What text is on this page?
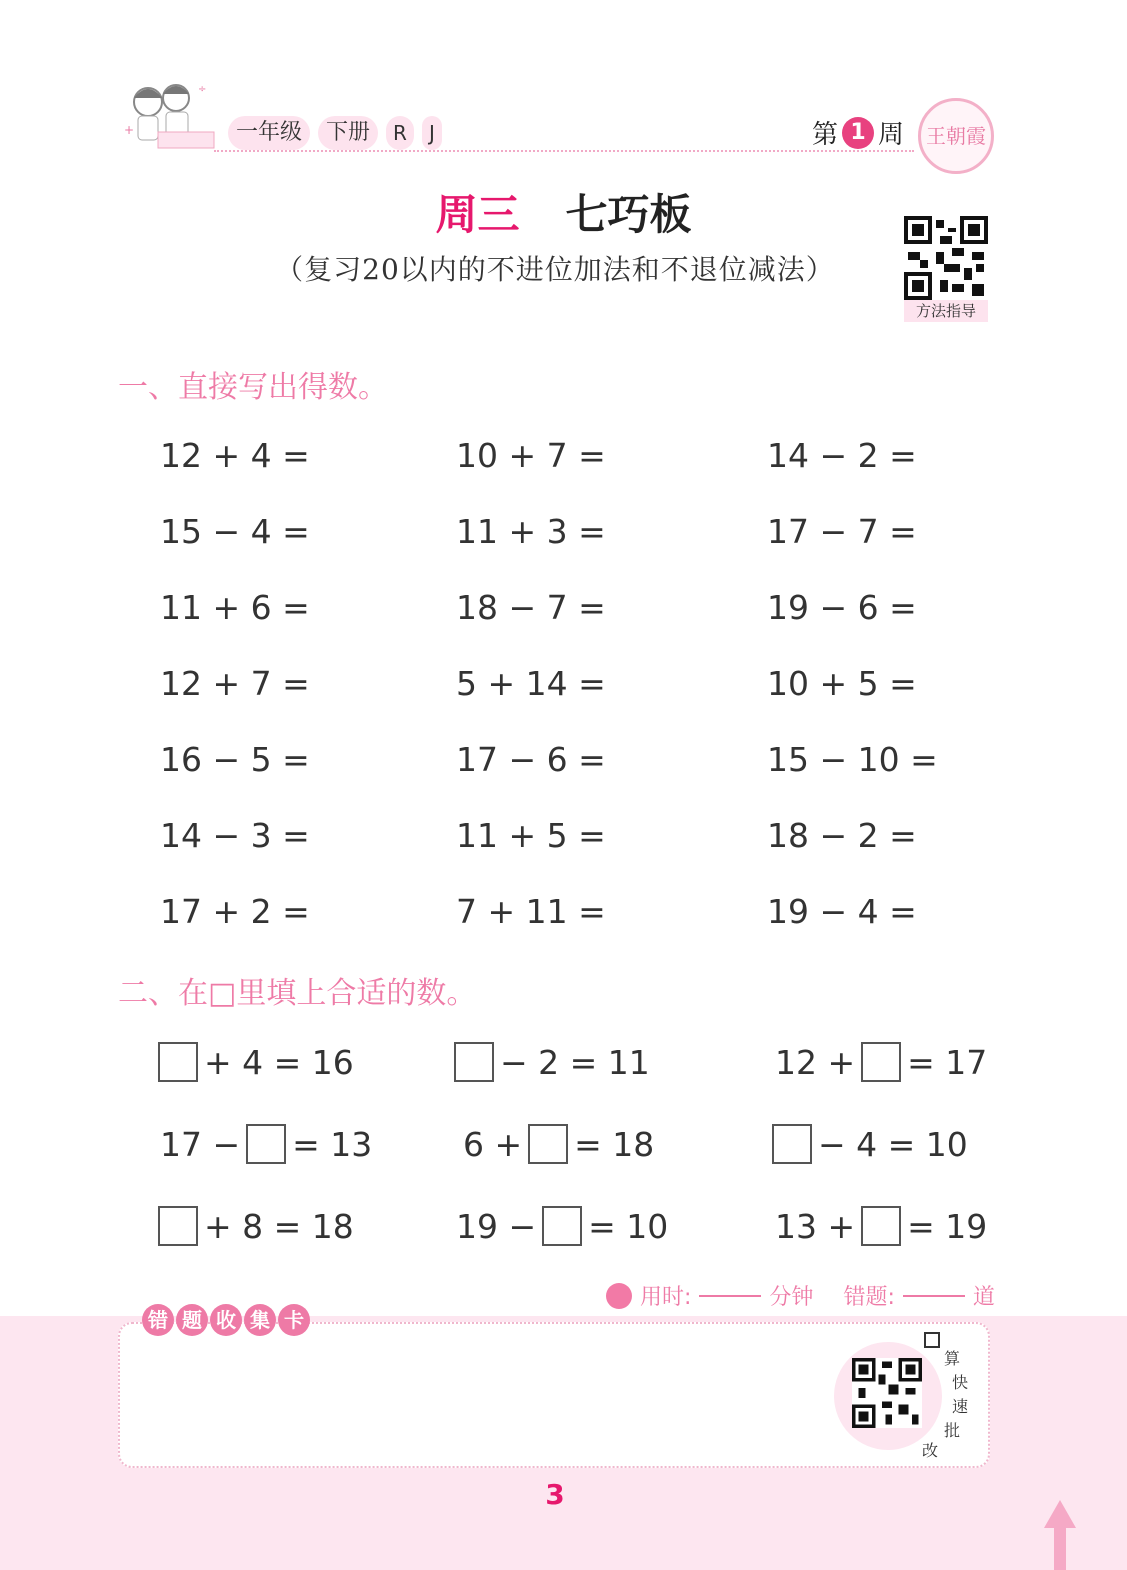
+
÷
一年级	下册	R	J	第 1 周	王朝霞
周三 七巧板
（复习20以内的不进位加法和不退位减法）
方法指导
一、直接写出得数。
12 + 4 =	10 + 7 =	14 − 2 =
15 − 4 =	11 + 3 =	17 − 7 =
11 + 6 =	18 − 7 =	19 − 6 =
12 + 7 =	5 + 14 =	10 + 5 =
16 − 5 =	17 − 6 =	15 − 10 =
14 − 3 =	11 + 5 =	18 − 2 =
17 + 2 =	7 + 11 =	19 − 4 =
二、在□里填上合适的数。
+ 4 = 16	− 2 = 11	12 + = 17
17 − = 13	6 + = 18	− 4 = 10
+ 8 = 18	19 − = 10	13 + = 19
用时:	分钟 错题:	道
错 题 收 集 卡
算
快
速
批
改
3
